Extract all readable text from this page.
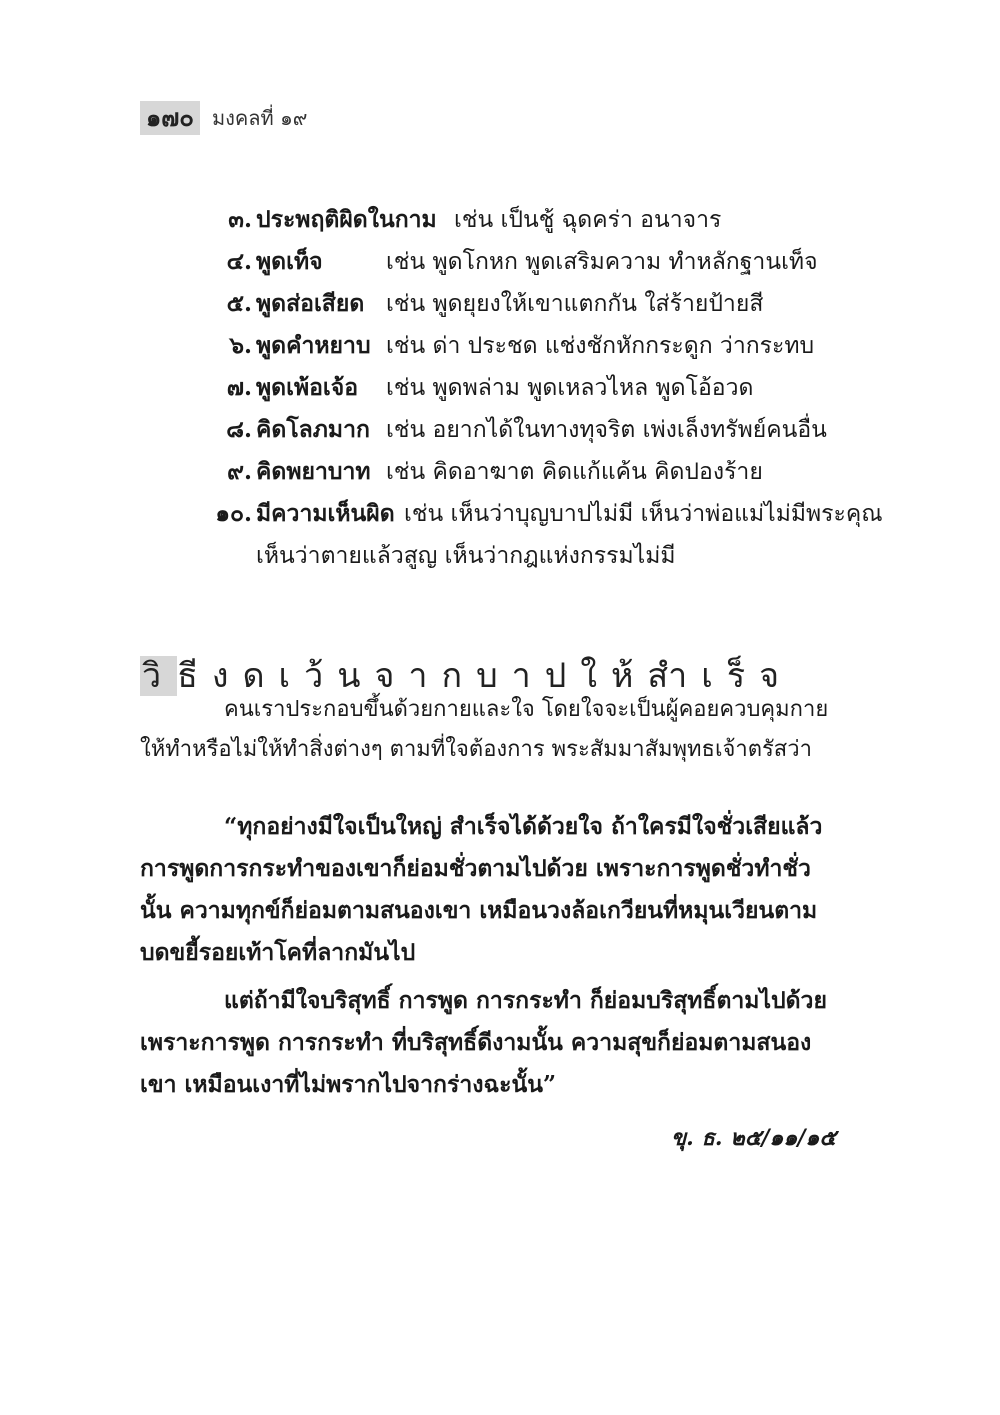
๑๗๐ มงคลที่ ๑๙
๓. ประพฤติผิดในกาม เช่น เป็นชู้ ฉุดคร่า อนาจาร
๔. พูดเท็จ	เช่น พูดโกหก พูดเสริมความ ทำหลักฐานเท็จ
๕. พูดส่อเสียด เช่น พูดยุยงให้เขาแตกกัน ใส่ร้ายป้ายสี
๖. พูดคำหยาบ เช่น ด่า ประชด แช่งชักหักกระดูก ว่ากระทบ
๗. พูดเพ้อเจ้อ เช่น พูดพล่าม พูดเหลวไหล พูดโอ้อวด
๘. คิดโลภมาก เช่น อยากได้ในทางทุจริต เพ่งเล็งทรัพย์คนอื่น
๙. คิดพยาบาท เช่น คิดอาฆาต คิดแก้แค้น คิดปองร้าย
๑๐. มีความเห็นผิด เช่น เห็นว่าบุญบาปไม่มี เห็นว่าพ่อแม่ไม่มีพระคุณ
เห็นว่าตายแล้วสูญ เห็นว่ากฎแห่งกรรมไม่มี
วิธีงดเว้นจากบาปให้สำเร็จ

คนเราประกอบขึ้นด้วยกายและใจ โดยใจจะเป็นผู้คอยควบคุมกายให้ทำหรือไม่ให้ทำสิ่งต่างๆ ตามที่ใจต้องการ พระสัมมาสัมพุทธเจ้าตรัสว่า

“ทุกอย่างมีใจเป็นใหญ่ สำเร็จได้ด้วยใจ ถ้าใครมีใจชั่วเสียแล้ว การพูดการกระทำของเขาก็ย่อมชั่วตามไปด้วย เพราะการพูดชั่วทำชั่วนั้น ความทุกข์ก็ย่อมตามสนองเขา เหมือนวงล้อเกวียนที่หมุนเวียนตามบดขยี้รอยเท้าโคที่ลากมันไป

แต่ถ้ามีใจบริสุทธิ์ การพูด การกระทำ ก็ย่อมบริสุทธิ์ตามไปด้วย เพราะการพูด การกระทำ ที่บริสุทธิ์ดีงามนั้น ความสุขก็ย่อมตามสนองเขา เหมือนเงาที่ไม่พรากไปจากร่างฉะนั้น”

ขุ. ธ. ๒๕/๑๑/๑๕
